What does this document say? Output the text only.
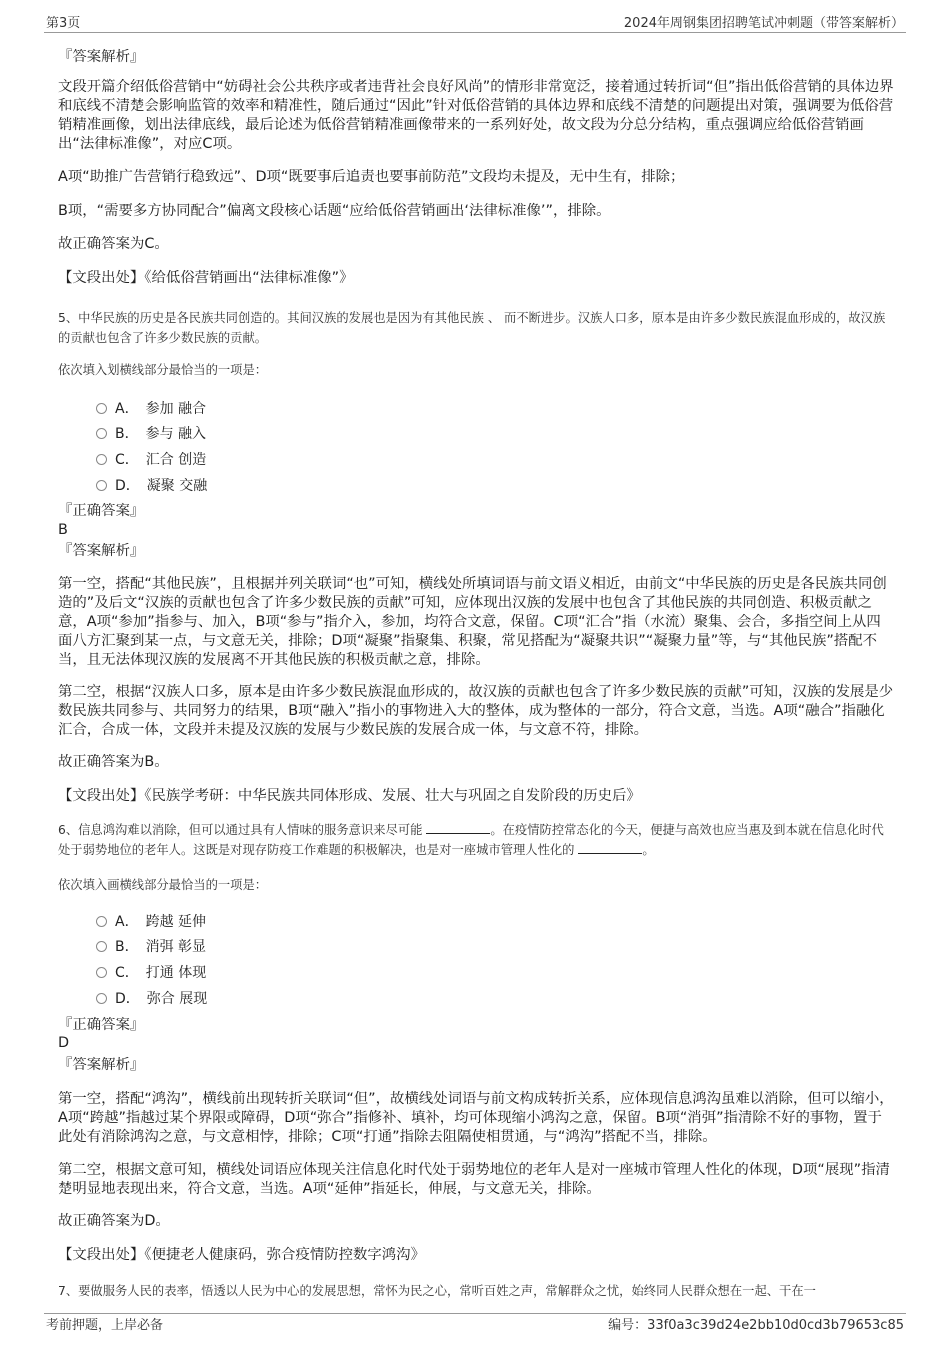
第3页	2024年周钢集团招聘笔试冲刺题（带答案解析）
『答案解析』
文段开篇介绍低俗营销中“妨碍社会公共秩序或者违背社会良好风尚”的情形非常宽泛，接着通过转折词“但”指出低俗营销的具体边界和底线不清楚会影响监管的效率和精准性，随后通过“因此”针对低俗营销的具体边界和底线不清楚的问题提出对策，强调要为低俗营销精准画像，划出法律底线，最后论述为低俗营销精准画像带来的一系列好处，故文段为分总分结构，重点强调应给低俗营销画出“法律标准像”，对应C项。
A项“助推广告营销行稳致远”、D项“既要事后追责也要事前防范”文段均未提及，无中生有，排除；
B项，“需要多方协同配合”偏离文段核心话题“应给低俗营销画出‘法律标准像’”，排除。
故正确答案为C。
【文段出处】《给低俗营销画出“法律标准像”》
5、中华民族的历史是各民族共同创造的。其间汉族的发展也是因为有其他民族 、 而不断进步。汉族人口多，原本是由许多少数民族混血形成的，故汉族的贡献也包含了许多少数民族的贡献。
依次填入划横线部分最恰当的一项是：
A．　参加 融合
B．　参与 融入
C．　汇合 创造
D．　凝聚 交融
『正确答案』
B
『答案解析』
第一空，搭配“其他民族”，且根据并列关联词“也”可知，横线处所填词语与前文语义相近，由前文“中华民族的历史是各民族共同创造的”及后文“汉族的贡献也包含了许多少数民族的贡献”可知，应体现出汉族的发展中也包含了其他民族的共同创造、积极贡献之意，A项“参加”指参与、加入，B项“参与”指介入，参加，均符合文意，保留。C项“汇合”指（水流）聚集、会合，多指空间上从四面八方汇聚到某一点，与文意无关，排除；D项“凝聚”指聚集、积聚，常见搭配为“凝聚共识”“凝聚力量”等，与“其他民族”搭配不当，且无法体现汉族的发展离不开其他民族的积极贡献之意，排除。
第二空，根据“汉族人口多，原本是由许多少数民族混血形成的，故汉族的贡献也包含了许多少数民族的贡献”可知，汉族的发展是少数民族共同参与、共同努力的结果，B项“融入”指小的事物进入大的整体，成为整体的一部分，符合文意，当选。A项“融合”指融化汇合，合成一体，文段并未提及汉族的发展与少数民族的发展合成一体，与文意不符，排除。
故正确答案为B。
【文段出处】《民族学考研：中华民族共同体形成、发展、壮大与巩固之自发阶段的历史后》
6、信息鸿沟难以消除，但可以通过具有人情味的服务意识来尽可能	。在疫情防控常态化的今天，便捷与高效也应当惠及到本就在信息化时代处于弱势地位的老年人。这既是对现存防疫工作难题的积极解决，也是对一座城市管理人性化的	。
依次填入画横线部分最恰当的一项是：
A．　跨越 延伸
B．　消弭 彰显
C．　打通 体现
D．　弥合 展现
『正确答案』
D
『答案解析』
第一空，搭配“鸿沟”，横线前出现转折关联词“但”，故横线处词语与前文构成转折关系，应体现信息鸿沟虽难以消除，但可以缩小，A项“跨越”指越过某个界限或障碍，D项“弥合”指修补、填补，均可体现缩小鸿沟之意，保留。B项“消弭”指清除不好的事物，置于此处有消除鸿沟之意，与文意相悖，排除；C项“打通”指除去阻隔使相贯通，与“鸿沟”搭配不当，排除。
第二空，根据文意可知，横线处词语应体现关注信息化时代处于弱势地位的老年人是对一座城市管理人性化的体现，D项“展现”指清楚明显地表现出来，符合文意，当选。A项“延伸”指延长，伸展，与文意无关，排除。
故正确答案为D。
【文段出处】《便捷老人健康码，弥合疫情防控数字鸿沟》
7、要做服务人民的表率，悟透以人民为中心的发展思想，常怀为民之心，常听百姓之声，常解群众之忧，始终同人民群众想在一起、干在一
考前押题，上岸必备	编号：33f0a3c39d24e2bb10d0cd3b79653c85
